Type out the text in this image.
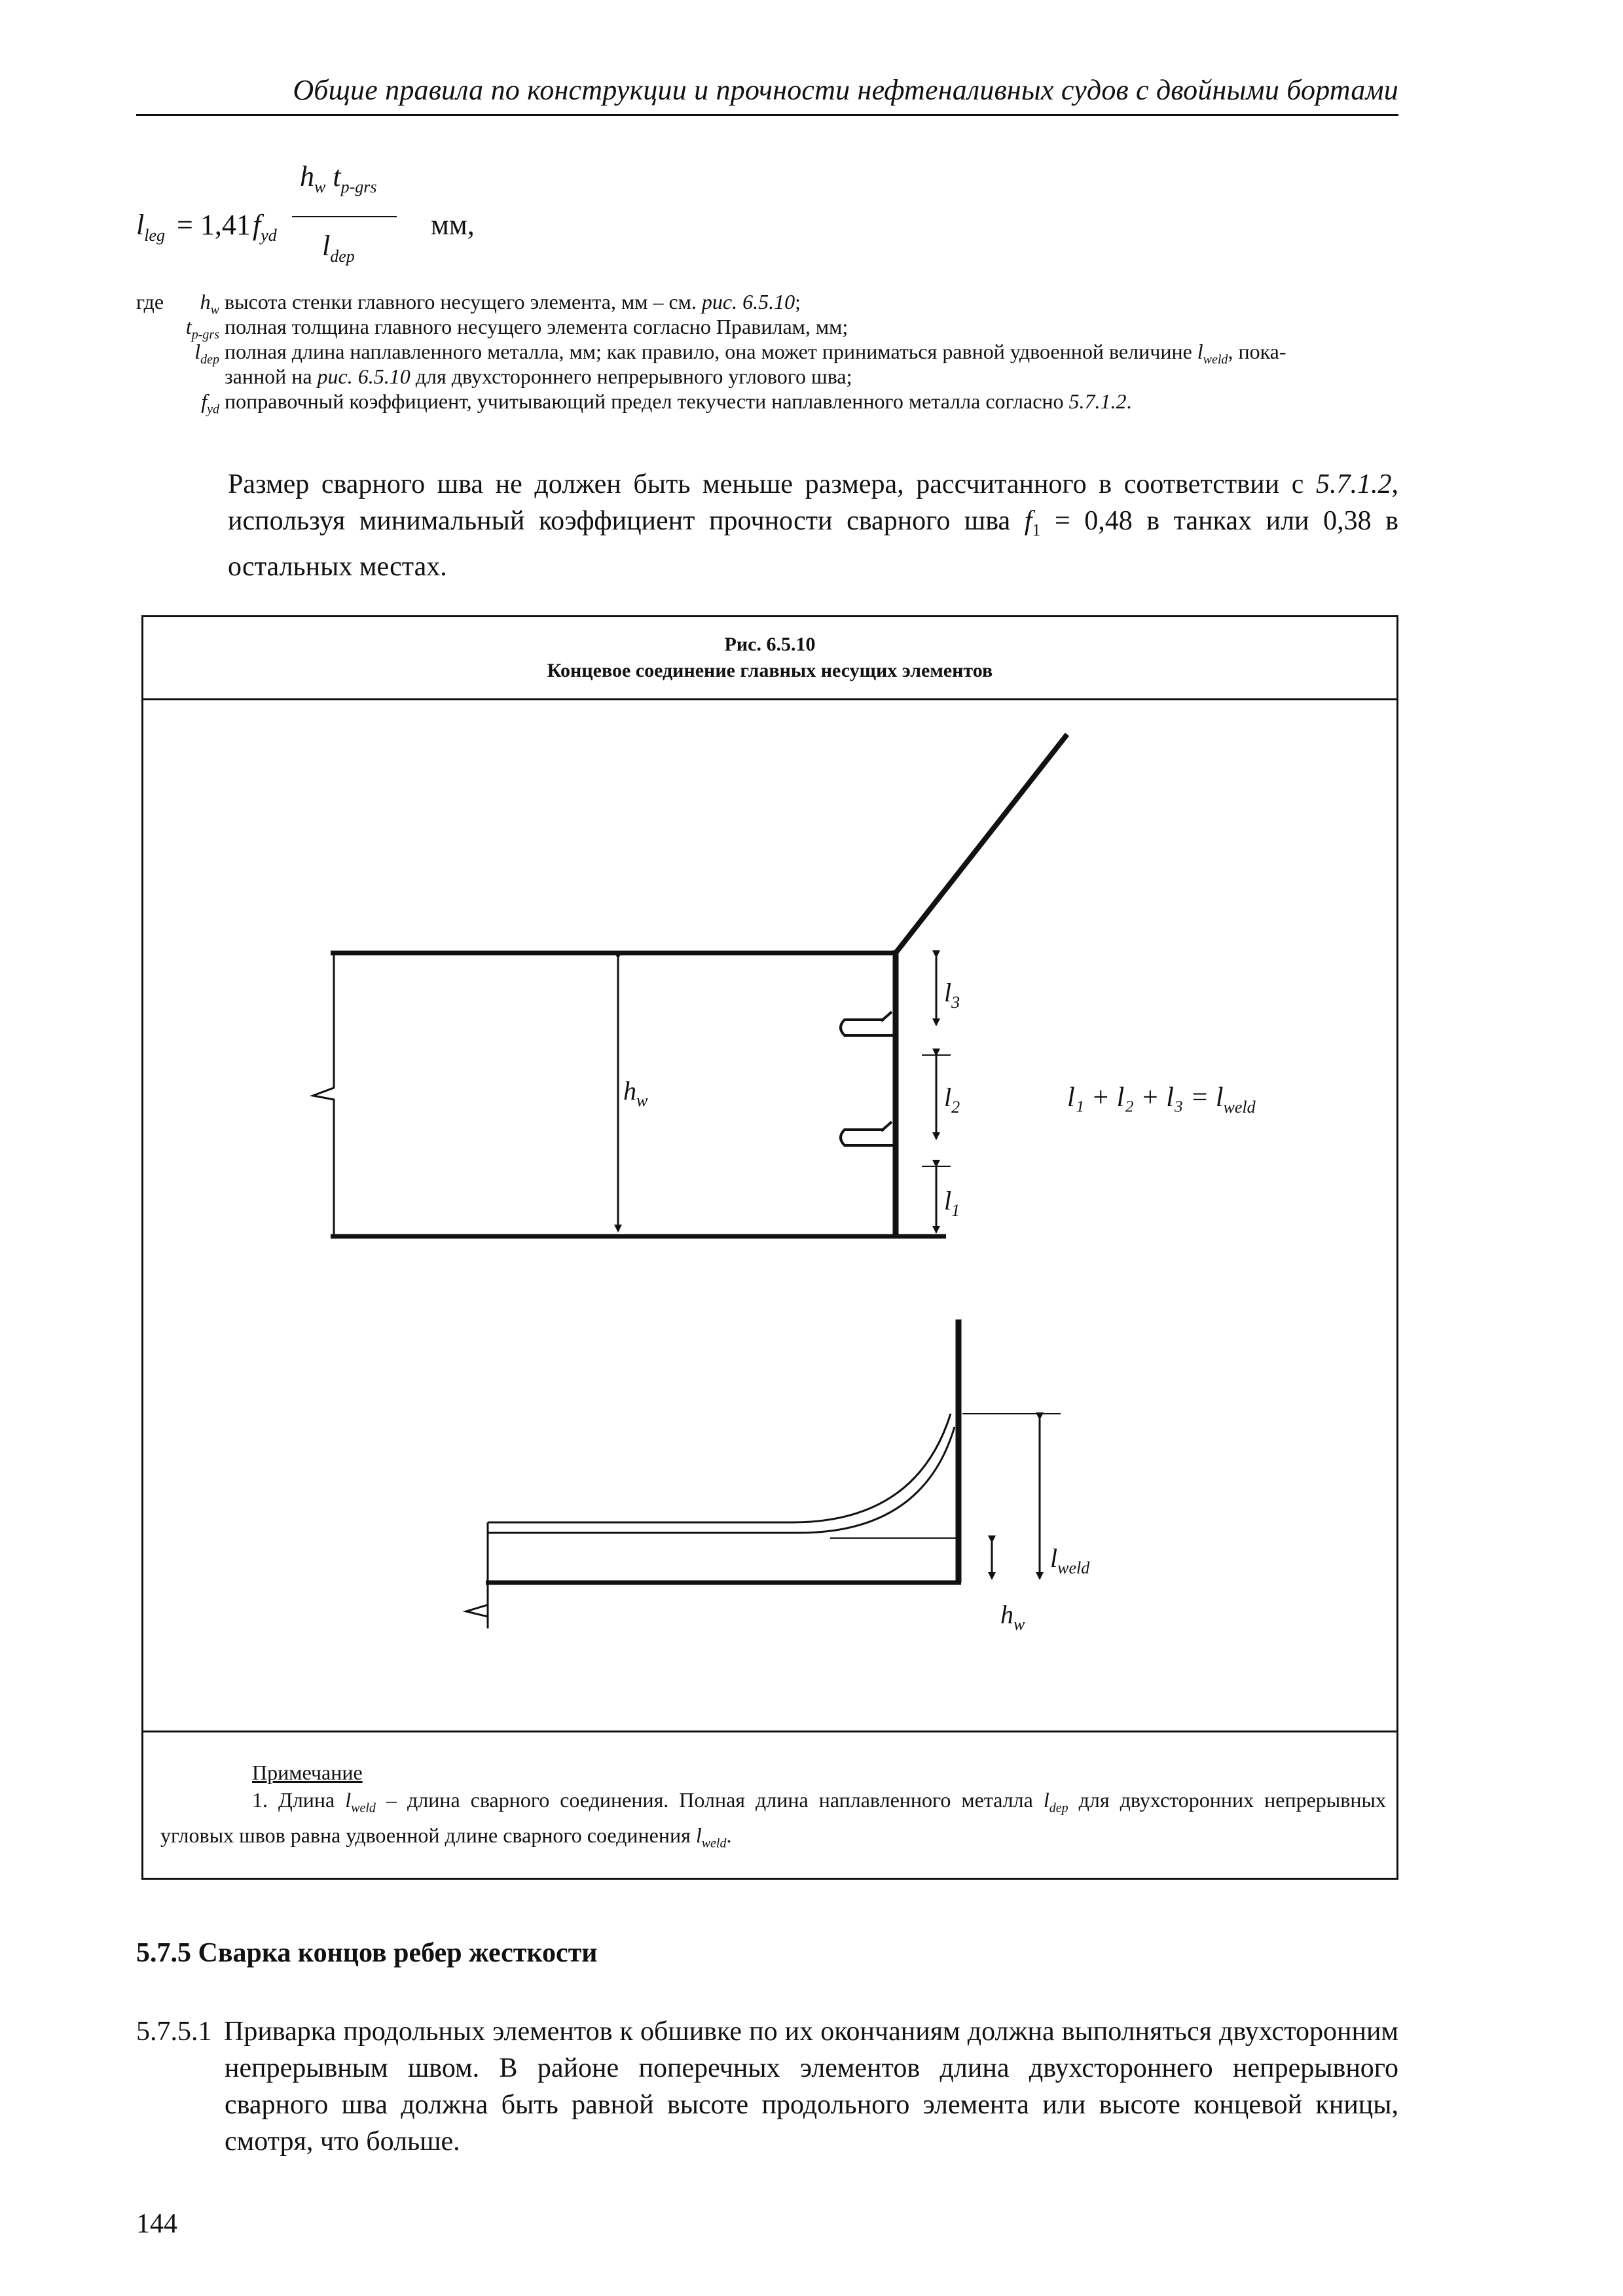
Общие правила по конструкции и прочности нефтеналивных судов с двойными бортами
$l_{leg} = 1,41$ $f_{yd}$
$h_w$ $t_{p-grs}$
$l_{dep}$
мм,
где $h_w$ высота стенки главного несущего элемента, мм – см. рис. 6.5.10;
$t_{p-grs}$ полная толщина главного несущего элемента согласно Правилам, мм;
$l_{dep}$ полная длина наплавленного металла, мм; как правило, она может приниматься равной удвоенной величине $l_{weld}$, пока-
занной на рис. 6.5.10 для двухстороннего непрерывного углового шва;
$f_{yd}$ поправочный коэффициент, учитывающий предел текучести наплавленного металла согласно 5.7.1.2.
Размер сварного шва не должен быть меньше размера, рассчитанного в соответствии с 5.7.1.2, используя минимальный коэффициент прочности сварного шва $f_1 = 0,48$ в танках или 0,38 в остальных местах.
Рис. 6.5.10
Концевое соединение главных несущих элементов
$h_w$
$l_3$
$l_2$
$l_1$
$l_1 + l_2 + l_3 = l_{weld}$
$l_{weld}$
$h_w$
Примечание
1. Длина $l_{weld}$ – длина сварного соединения. Полная длина наплавленного металла $l_{dep}$ для двухсторонних непрерывных угловых швов равна удвоенной длине сварного соединения $l_{weld}$.
5.7.5 Сварка концов ребер жесткости
5.7.5.1 Приварка продольных элементов к обшивке по их окончаниям должна выполняться двухсторонним непрерывным швом. В районе поперечных элементов длина двухстороннего непрерывного сварного шва должна быть равной высоте продольного элемента или высоте концевой кницы, смотря, что больше.
144
